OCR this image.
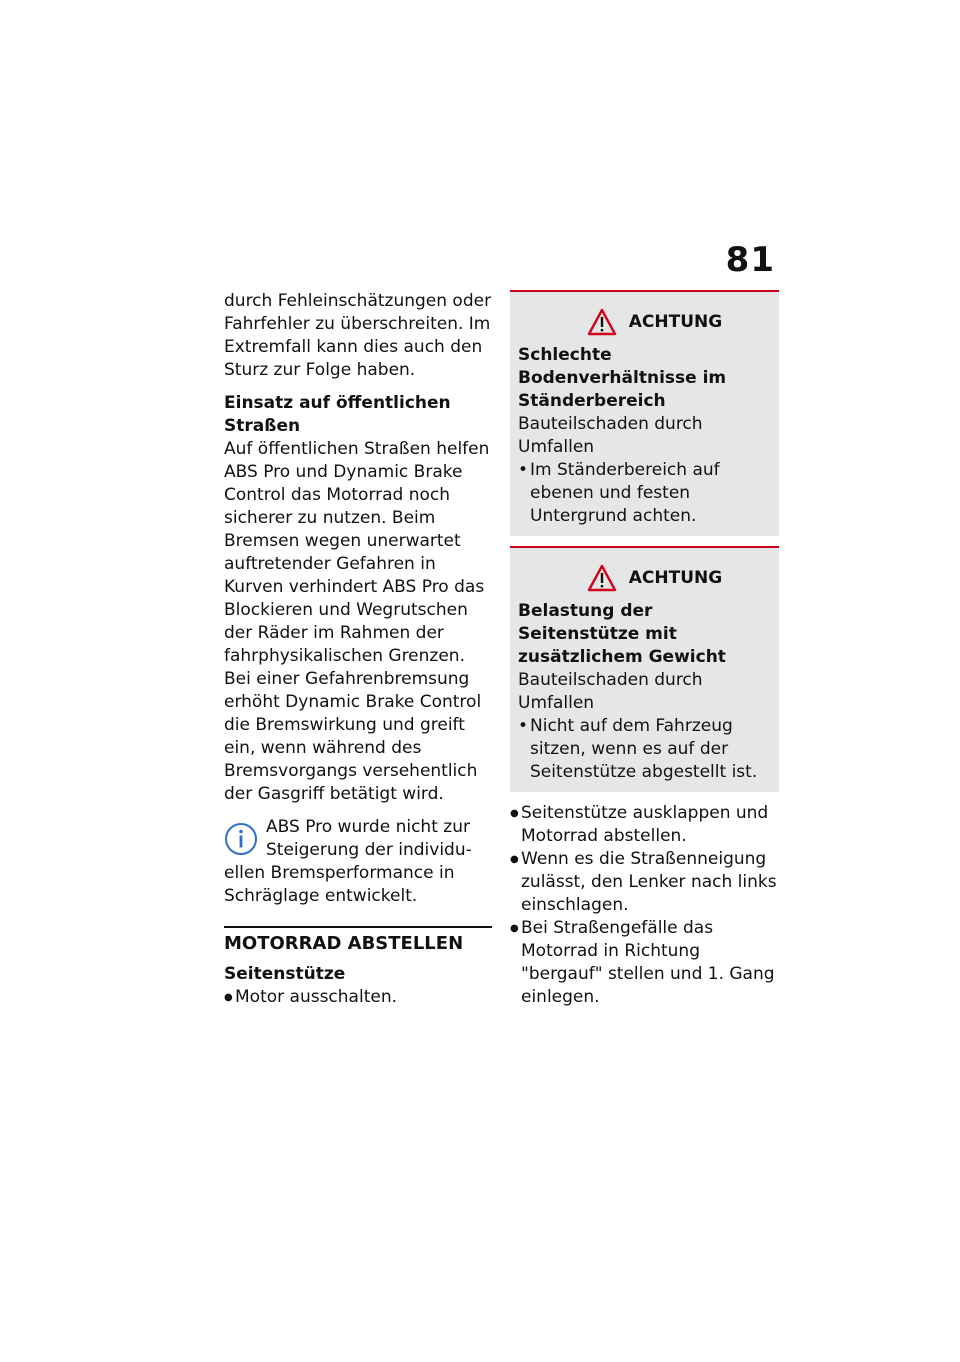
81

durch Fehleinschätzungen oder Fahrfehler zu überschreiten. Im Extremfall kann dies auch den Sturz zur Folge haben.

Einsatz auf öffentlichen Straßen

Auf öffentlichen Straßen helfen ABS Pro und Dynamic Brake Control das Motorrad noch sicherer zu nutzen. Beim Bremsen wegen unerwartet auftretender Gefahren in Kurven verhindert ABS Pro das Blockieren und Wegrutschen der Räder im Rahmen der fahrphysikalischen Grenzen. Bei einer Gefahrenbremsung erhöht Dynamic Brake Control die Bremswirkung und greift ein, wenn während des Bremsvorgangs versehentlich der Gasgriff betätigt wird.

ABS Pro wurde nicht zur

Steigerung der individu-

ellen Bremsperformance in Schräglage entwickelt.

MOTORRAD ABSTELLEN

Seitenstütze

● Motor ausschalten.
ACHTUNG

Schlechte Bodenverhältnisse im Ständerbereich

Bauteilschaden durch Umfallen

• Im Ständerbereich auf ebenen und festen Untergrund achten.
ACHTUNG

Belastung der Seitenstütze mit zusätzlichem Gewicht

Bauteilschaden durch Umfallen

• Nicht auf dem Fahrzeug sitzen, wenn es auf der Seitenstütze abgestellt ist.
● Seitenstütze ausklappen und Motorrad abstellen.
● Wenn es die Straßenneigung zulässt, den Lenker nach links einschlagen.
● Bei Straßengefälle das Motorrad in Richtung "bergauf" stellen und 1. Gang einlegen.
